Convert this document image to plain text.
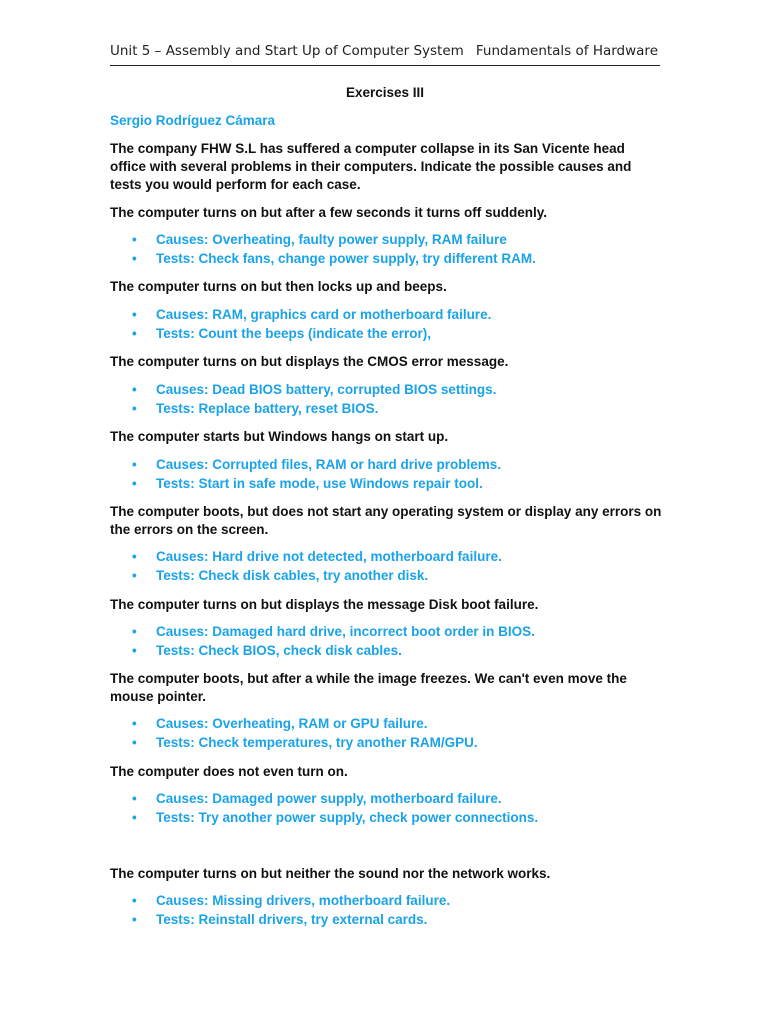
Unit 5 – Assembly and Start Up of Computer System Fundamentals of Hardware
Exercises III
Sergio Rodríguez Cámara
The company FHW S.L has suffered a computer collapse in its San Vicente head office with several problems in their computers. Indicate the possible causes and tests you would perform for each case.
The computer turns on but after a few seconds it turns off suddenly.
• Causes: Overheating, faulty power supply, RAM failure
• Tests: Check fans, change power supply, try different RAM.
The computer turns on but then locks up and beeps.
• Causes: RAM, graphics card or motherboard failure.
• Tests: Count the beeps (indicate the error),
The computer turns on but displays the CMOS error message.
• Causes: Dead BIOS battery, corrupted BIOS settings.
• Tests: Replace battery, reset BIOS.
The computer starts but Windows hangs on start up.
• Causes: Corrupted files, RAM or hard drive problems.
• Tests: Start in safe mode, use Windows repair tool.
The computer boots, but does not start any operating system or display any errors on the errors on the screen.
• Causes: Hard drive not detected, motherboard failure.
• Tests: Check disk cables, try another disk.
The computer turns on but displays the message Disk boot failure.
• Causes: Damaged hard drive, incorrect boot order in BIOS.
• Tests: Check BIOS, check disk cables.
The computer boots, but after a while the image freezes. We can't even move the mouse pointer.
• Causes: Overheating, RAM or GPU failure.
• Tests: Check temperatures, try another RAM/GPU.
The computer does not even turn on.
• Causes: Damaged power supply, motherboard failure.
• Tests: Try another power supply, check power connections.
The computer turns on but neither the sound nor the network works.
• Causes: Missing drivers, motherboard failure.
• Tests: Reinstall drivers, try external cards.
